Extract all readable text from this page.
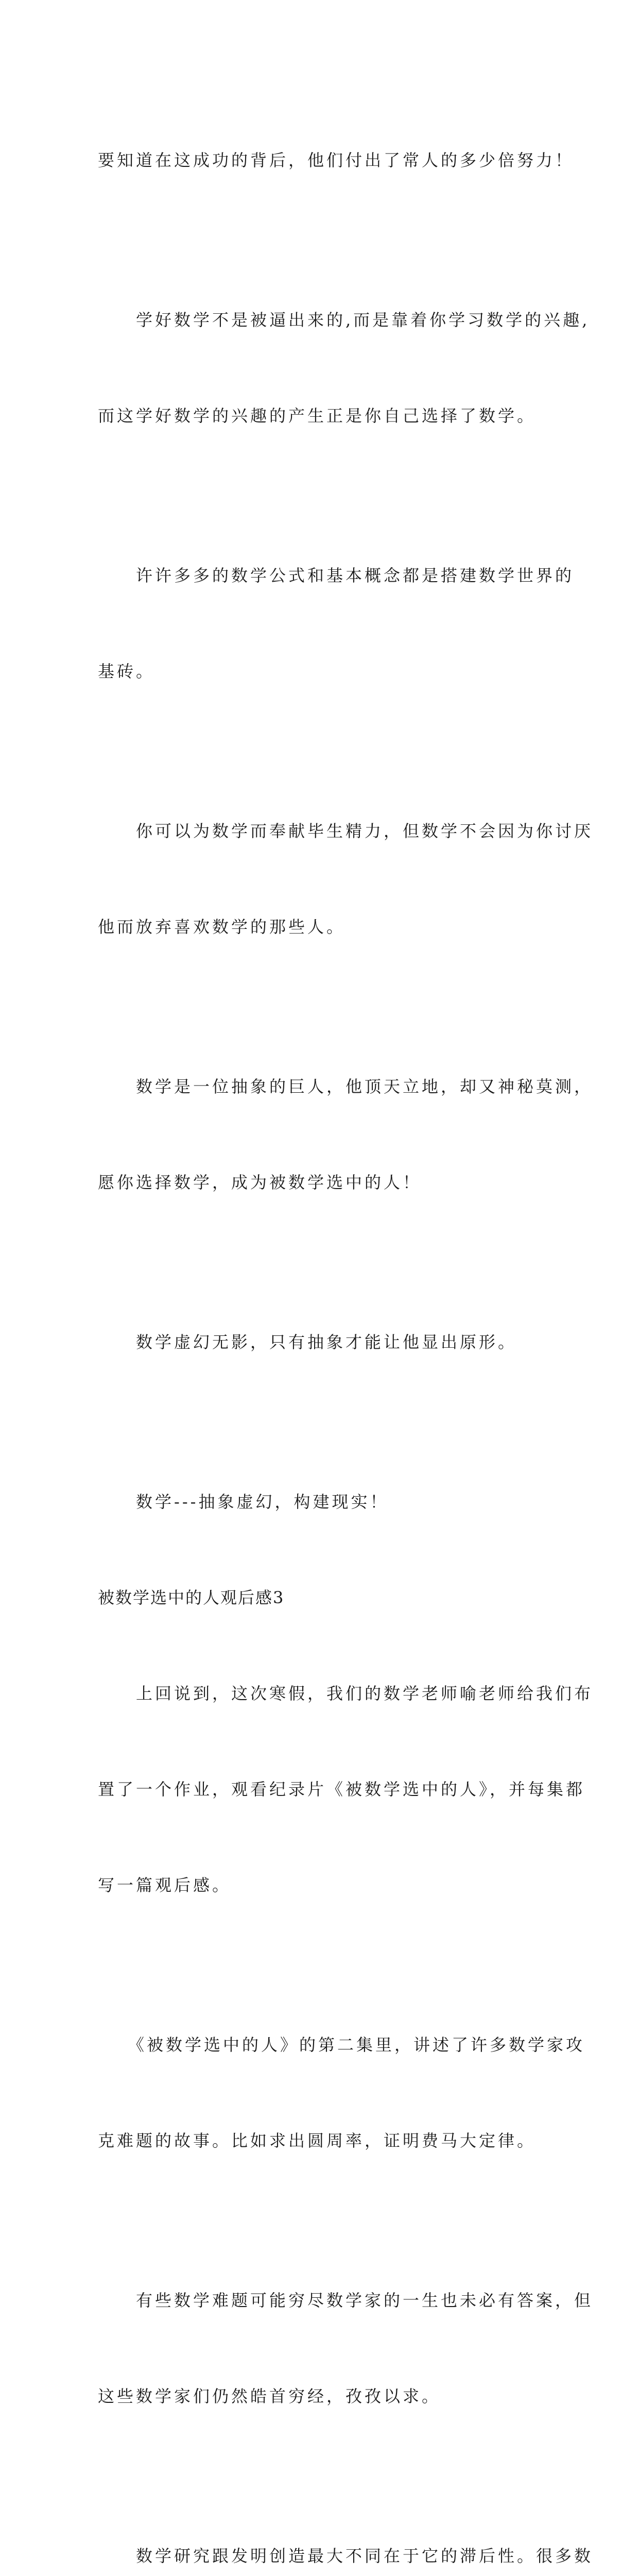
要知道在这成功的背后，他们付出了常人的多少倍努力！

　　学好数学不是被逼出来的,而是靠着你学习数学的兴趣,

而这学好数学的兴趣的产生正是你自己选择了数学。

　　许许多多的数学公式和基本概念都是搭建数学世界的

基砖。

　　你可以为数学而奉献毕生精力，但数学不会因为你讨厌

他而放弃喜欢数学的那些人。

　　数学是一位抽象的巨人，他顶天立地，却又神秘莫测，

愿你选择数学，成为被数学选中的人！

　　数学虚幻无影，只有抽象才能让他显出原形。

　　数学---抽象虚幻，构建现实！

被数学选中的人观后感3

　　上回说到，这次寒假，我们的数学老师喻老师给我们布

置了一个作业，观看纪录片《被数学选中的人》，并每集都

写一篇观后感。

　　《被数学选中的人》的第二集里，讲述了许多数学家攻

克难题的故事。比如求出圆周率，证明费马大定律。

　　有些数学难题可能穷尽数学家的一生也未必有答案，但

这些数学家们仍然皓首穷经，孜孜以求。

　　数学研究跟发明创造最大不同在于它的滞后性。很多数
